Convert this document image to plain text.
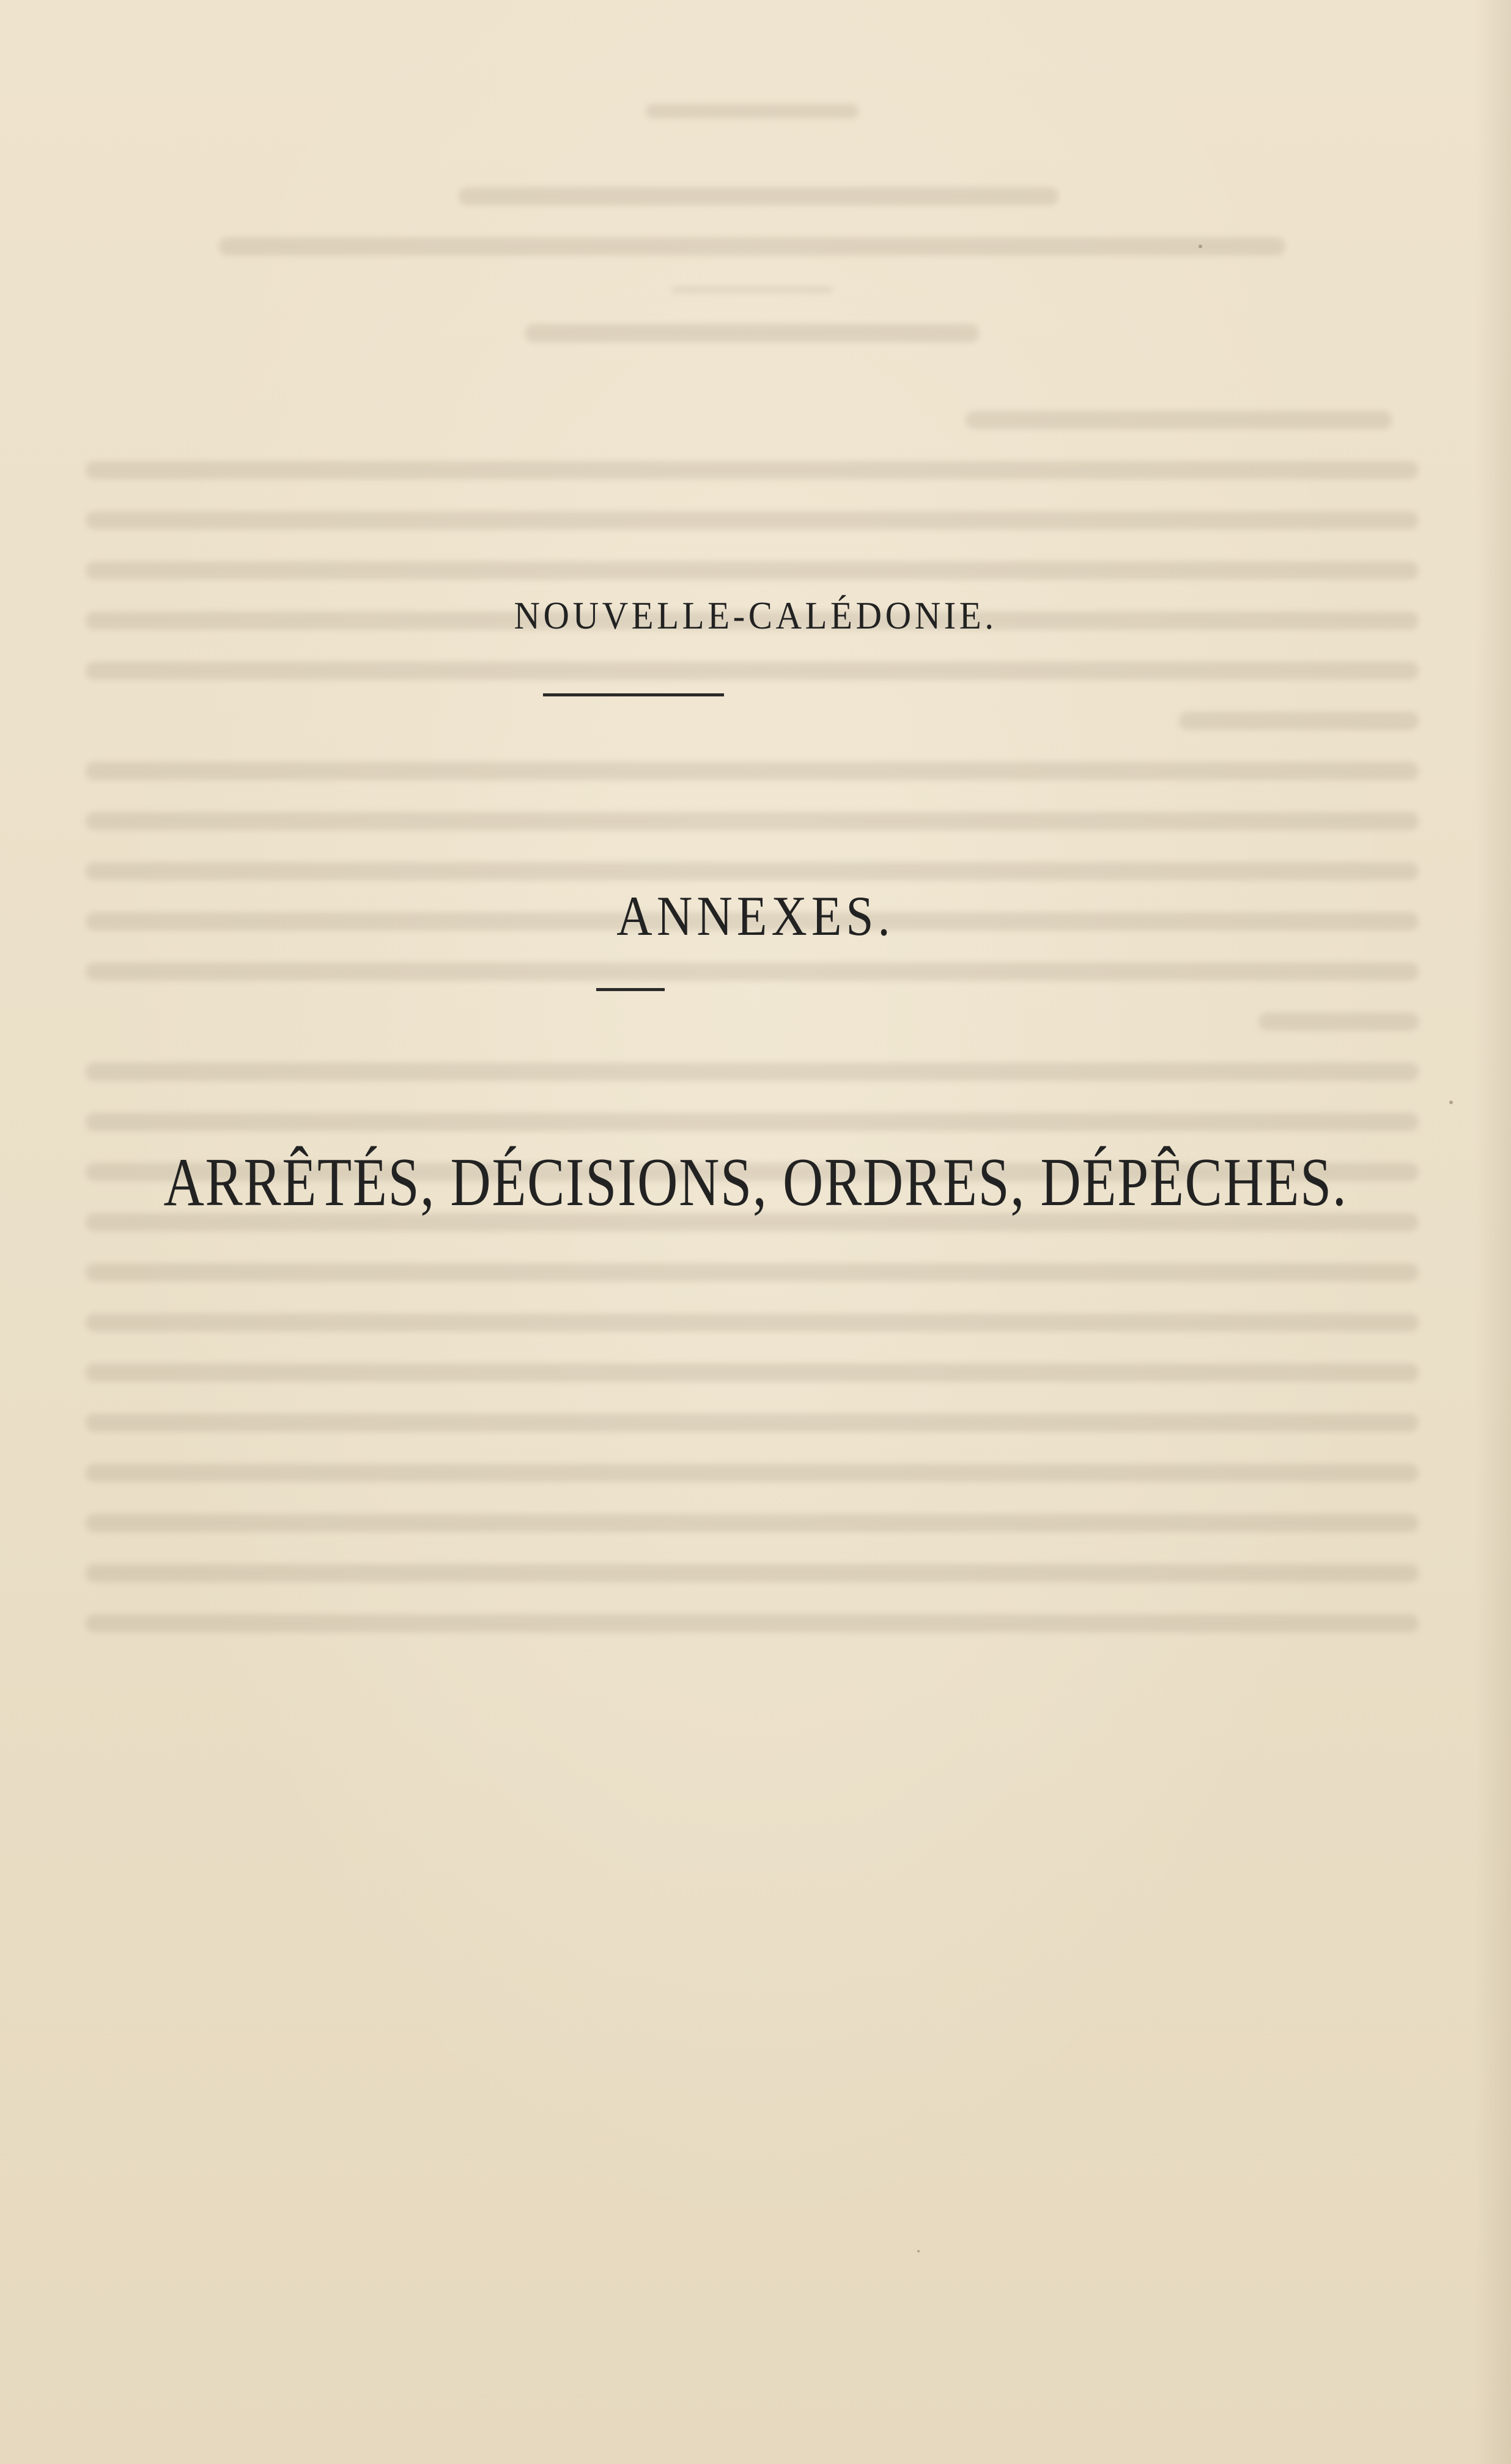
NOUVELLE-CALÉDONIE.
ANNEXES.
ARRÊTÉS, DÉCISIONS, ORDRES, DÉPÊCHES.
